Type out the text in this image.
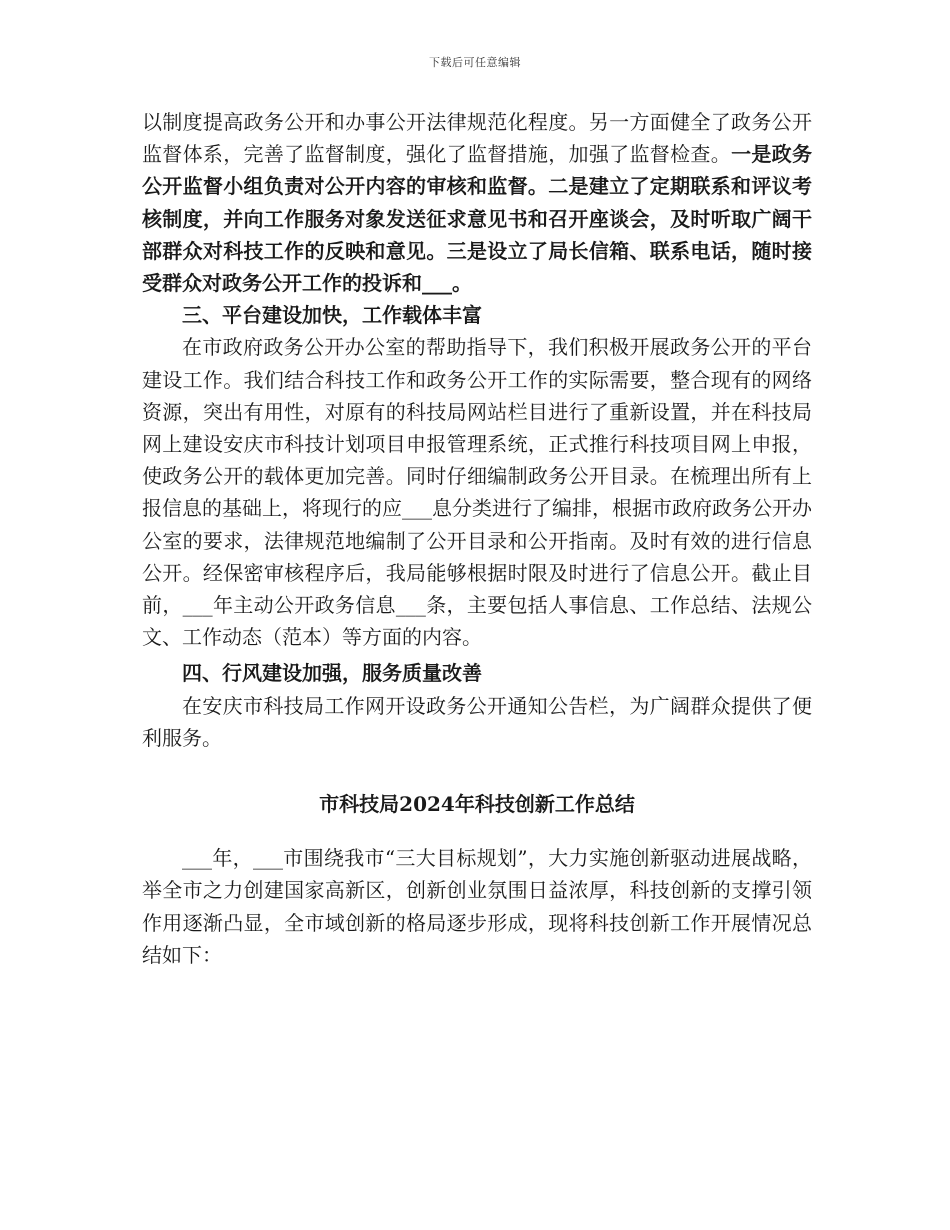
下载后可任意编辑

以制度提高政务公开和办事公开法律规范化程度。另一方面健全了政务公开监督体系，完善了监督制度，强化了监督措施，加强了监督检查。一是政务公开监督小组负责对公开内容的审核和监督。二是建立了定期联系和评议考核制度，并向工作服务对象发送征求意见书和召开座谈会，及时听取广阔干部群众对科技工作的反映和意见。三是设立了局长信箱、联系电话，随时接受群众对政务公开工作的投诉和___。

三、平台建设加快，工作载体丰富

在市政府政务公开办公室的帮助指导下，我们积极开展政务公开的平台建设工作。我们结合科技工作和政务公开工作的实际需要，整合现有的网络资源，突出有用性，对原有的科技局网站栏目进行了重新设置，并在科技局网上建设安庆市科技计划项目申报管理系统，正式推行科技项目网上申报，使政务公开的载体更加完善。同时仔细编制政务公开目录。在梳理出所有上报信息的基础上，将现行的应___息分类进行了编排，根据市政府政务公开办公室的要求，法律规范地编制了公开目录和公开指南。及时有效的进行信息公开。经保密审核程序后，我局能够根据时限及时进行了信息公开。截止目前，___年主动公开政务信息___条，主要包括人事信息、工作总结、法规公文、工作动态（范本）等方面的内容。

四、行风建设加强，服务质量改善

在安庆市科技局工作网开设政务公开通知公告栏，为广阔群众提供了便利服务。

市科技局2024年科技创新工作总结

___年，___市围绕我市“三大目标规划”，大力实施创新驱动进展战略，举全市之力创建国家高新区，创新创业氛围日益浓厚，科技创新的支撑引领作用逐渐凸显，全市域创新的格局逐步形成，现将科技创新工作开展情况总结如下：
